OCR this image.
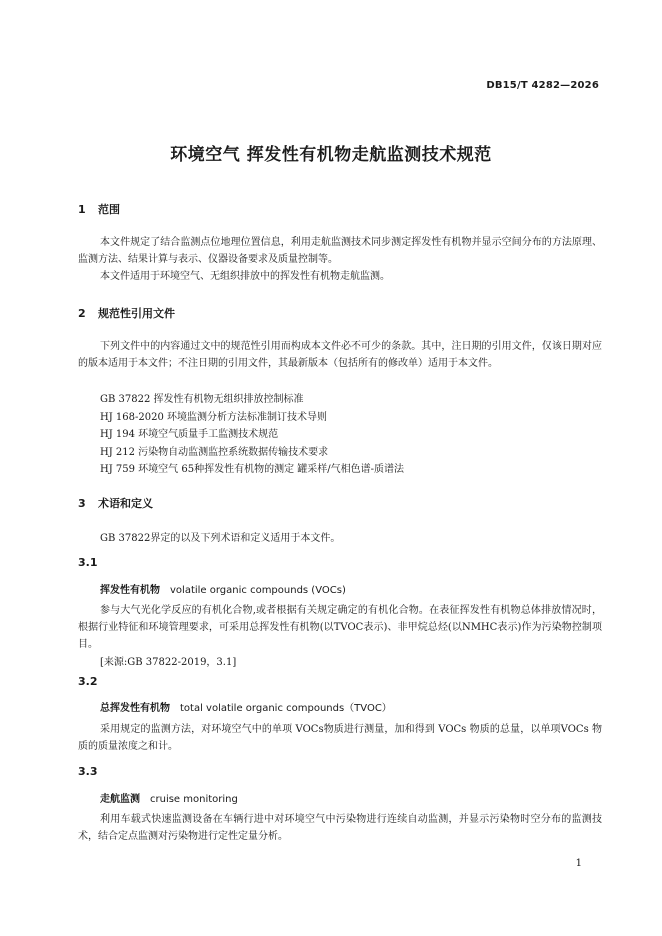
DB15/T 4282—2026
环境空气 挥发性有机物走航监测技术规范
1 范围
本文件规定了结合监测点位地理位置信息，利用走航监测技术同步测定挥发性有机物并显示空间分布的方法原理、监测方法、结果计算与表示、仪器设备要求及质量控制等。
本文件适用于环境空气、无组织排放中的挥发性有机物走航监测。
2 规范性引用文件
下列文件中的内容通过文中的规范性引用而构成本文件必不可少的条款。其中，注日期的引用文件，仅该日期对应的版本适用于本文件；不注日期的引用文件，其最新版本（包括所有的修改单）适用于本文件。
GB 37822 挥发性有机物无组织排放控制标准
HJ 168-2020 环境监测分析方法标准制订技术导则
HJ 194 环境空气质量手工监测技术规范
HJ 212 污染物自动监测监控系统数据传输技术要求
HJ 759 环境空气 65种挥发性有机物的测定 罐采样/气相色谱-质谱法
3 术语和定义
GB 37822界定的以及下列术语和定义适用于本文件。
3.1
挥发性有机物 volatile organic compounds (VOCs)
参与大气光化学反应的有机化合物,或者根据有关规定确定的有机化合物。在表征挥发性有机物总体排放情况时，根据行业特征和环境管理要求，可采用总挥发性有机物(以TVOC表示)、非甲烷总烃(以NMHC表示)作为污染物控制项目。
[来源:GB 37822-2019，3.1]
3.2
总挥发性有机物 total volatile organic compounds（TVOC）
采用规定的监测方法，对环境空气中的单项 VOCs物质进行测量，加和得到 VOCs 物质的总量，以单项VOCs 物质的质量浓度之和计。
3.3
走航监测 cruise monitoring
利用车载式快速监测设备在车辆行进中对环境空气中污染物进行连续自动监测，并显示污染物时空分布的监测技术，结合定点监测对污染物进行定性定量分析。
1
